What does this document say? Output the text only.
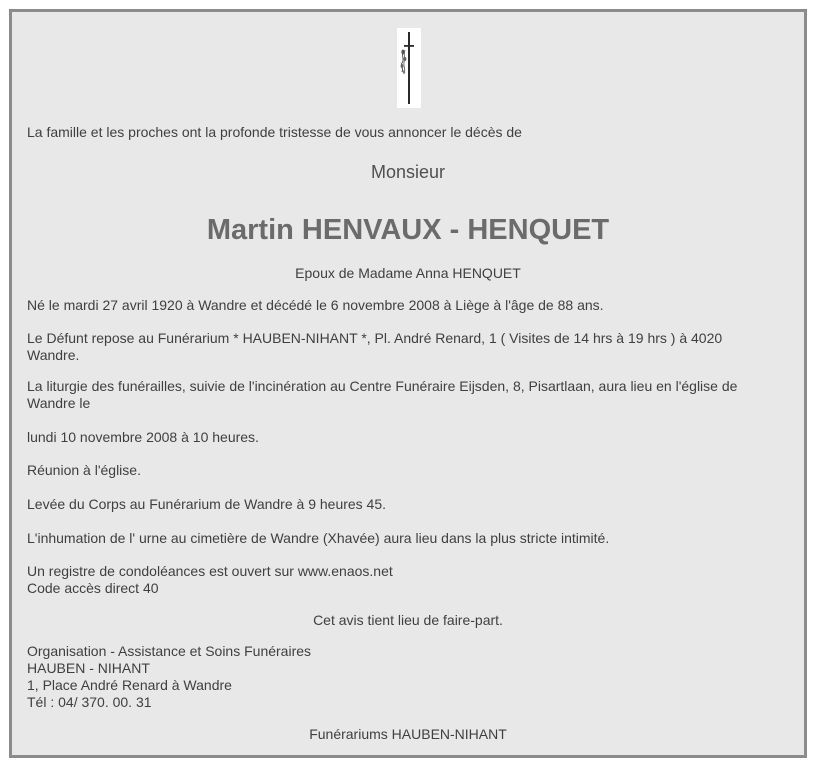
La famille et les proches ont la profonde tristesse de vous annoncer le décès de

Monsieur

Martin HENVAUX - HENQUET

Epoux de Madame Anna HENQUET

Né le mardi 27 avril 1920 à Wandre et décédé le 6 novembre 2008 à Liège à l'âge de 88 ans.

Le Défunt repose au Funérarium * HAUBEN-NIHANT *, Pl. André Renard, 1 ( Visites de 14 hrs à 19 hrs ) à 4020 Wandre.

La liturgie des funérailles, suivie de l'incinération au Centre Funéraire Eijsden, 8, Pisartlaan, aura lieu en l'église de Wandre le

lundi 10 novembre 2008 à 10 heures.

Réunion à l'église.

Levée du Corps au Funérarium de Wandre à 9 heures 45.

L'inhumation de l' urne au cimetière de Wandre (Xhavée) aura lieu dans la plus stricte intimité.

Un registre de condoléances est ouvert sur www.enaos.net

Code accès direct 40

Cet avis tient lieu de faire-part.

Organisation - Assistance et Soins Funéraires

HAUBEN - NIHANT

1, Place André Renard à Wandre

Tél : 04/ 370. 00. 31

Funérariums HAUBEN-NIHANT
